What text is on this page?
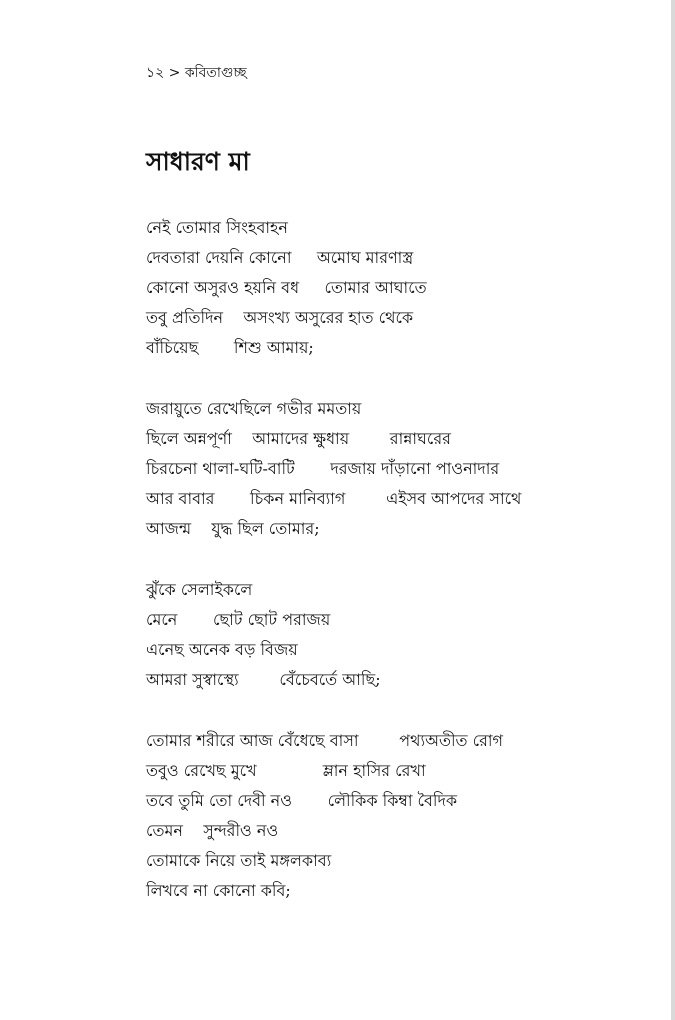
১২ > কবিতাগুচ্ছ
সাধারণ মা
নেই তোমার সিংহবাহন
দেবতারা দেয়নি কোনো     অমোঘ মারণাস্ত্র
কোনো অসুরও হয়নি বধ     তোমার আঘাতে
তবু প্রতিদিন    অসংখ্য অসুরের হাত থেকে
বাঁচিয়েছ       শিশু আমায়;
জরায়ুতে রেখেছিলে গভীর মমতায়
ছিলে অন্নপূর্ণা    আমাদের ক্ষুধায়        রান্নাঘরের
চিরচেনা থালা-ঘটি-বাটি       দরজায় দাঁড়ানো পাওনাদার
আর বাবার       চিকন মানিব্যাগ        এইসব আপদের সাথে
আজন্ম    যুদ্ধ ছিল তোমার;
ঝুঁকে সেলাইকলে
মেনে       ছোট ছোট পরাজয়
এনেছ অনেক বড় বিজয়
আমরা সুস্বাস্থ্যে        বেঁচেবর্তে আছি;
তোমার শরীরে আজ বেঁধেছে বাসা        পথ্যঅতীত রোগ
তবুও রেখেছ মুখে             ম্লান হাসির রেখা
তবে তুমি তো দেবী নও       লৌকিক কিম্বা বৈদিক
তেমন    সুন্দরীও নও
তোমাকে নিয়ে তাই মঙ্গলকাব্য
লিখবে না কোনো কবি;
